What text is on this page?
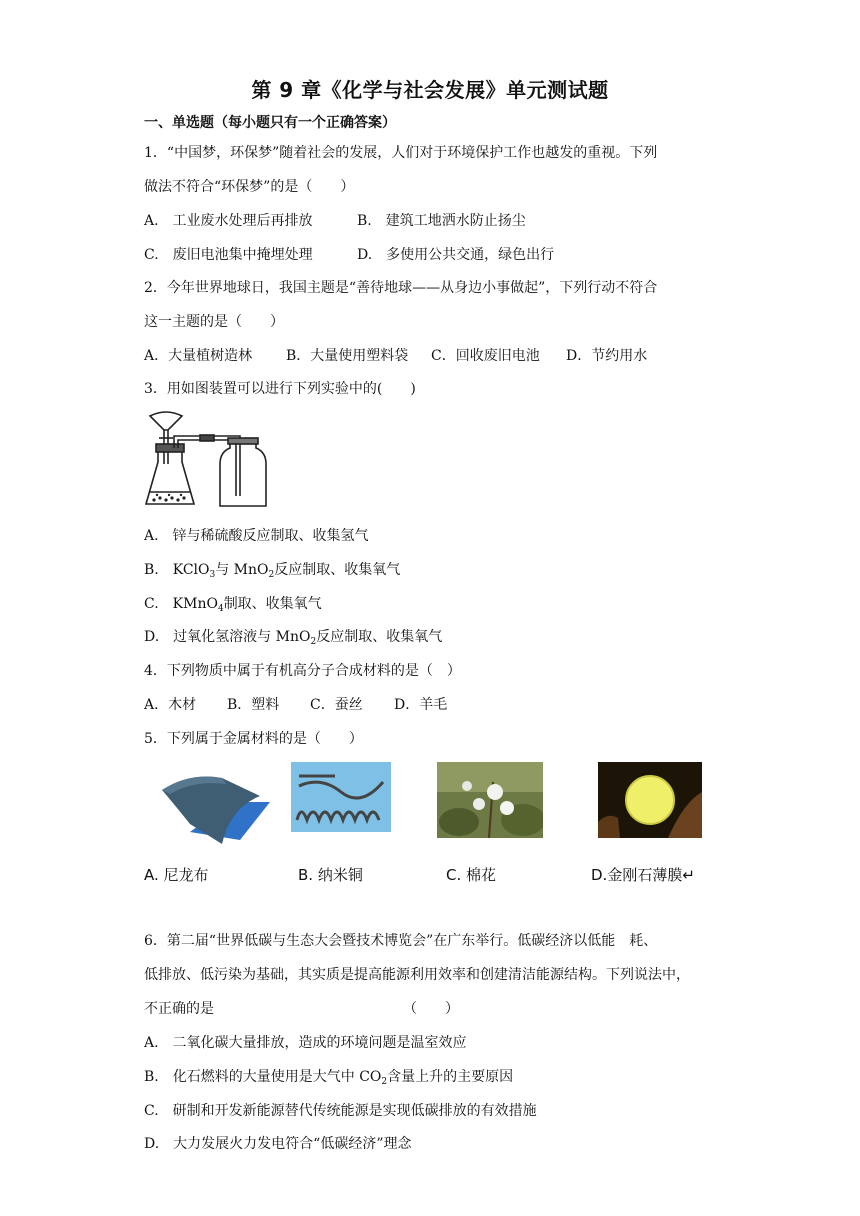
第 9 章《化学与社会发展》单元测试题
一、单选题（每小题只有一个正确答案）
1．“中国梦，环保梦”随着社会的发展，人们对于环境保护工作也越发的重视。下列
做法不符合“环保梦”的是（　　）
A.　工业废水处理后再排放	B.　建筑工地洒水防止扬尘
C.　废旧电池集中掩埋处理	D.　多使用公共交通，绿色出行
2．今年世界地球日，我国主题是“善待地球——从身边小事做起”，下列行动不符合
这一主题的是（　　）
A．大量植树造林 B．大量使用塑料袋 C．回收废旧电池 D．节约用水
3．用如图装置可以进行下列实验中的(　　)
A.　锌与稀硫酸反应制取、收集氢气
B.　KClO$_3$与 MnO$_2$反应制取、收集氧气
C.　KMnO$_4$制取、收集氧气
D.　过氧化氢溶液与 MnO$_2$反应制取、收集氧气
4．下列物质中属于有机高分子合成材料的是（　）
A．木材 B．塑料 C．蚕丝 D．羊毛
5．下列属于金属材料的是（　　）
A. 尼龙布	B. 纳米铜	C. 棉花	D.金刚石薄膜↵
6．第二届“世界低碳与生态大会暨技术博览会”在广东举行。低碳经济以低能　耗、
低排放、低污染为基础，其实质是提高能源利用效率和创建清洁能源结构。下列说法中，
不正确的是　　　　　　　　　　　　　　（　　）
A.　二氧化碳大量排放，造成的环境问题是温室效应
B.　化石燃料的大量使用是大气中 $CO_2$含量上升的主要原因
C.　研制和开发新能源替代传统能源是实现低碳排放的有效措施
D.　大力发展火力发电符合“低碳经济”理念
